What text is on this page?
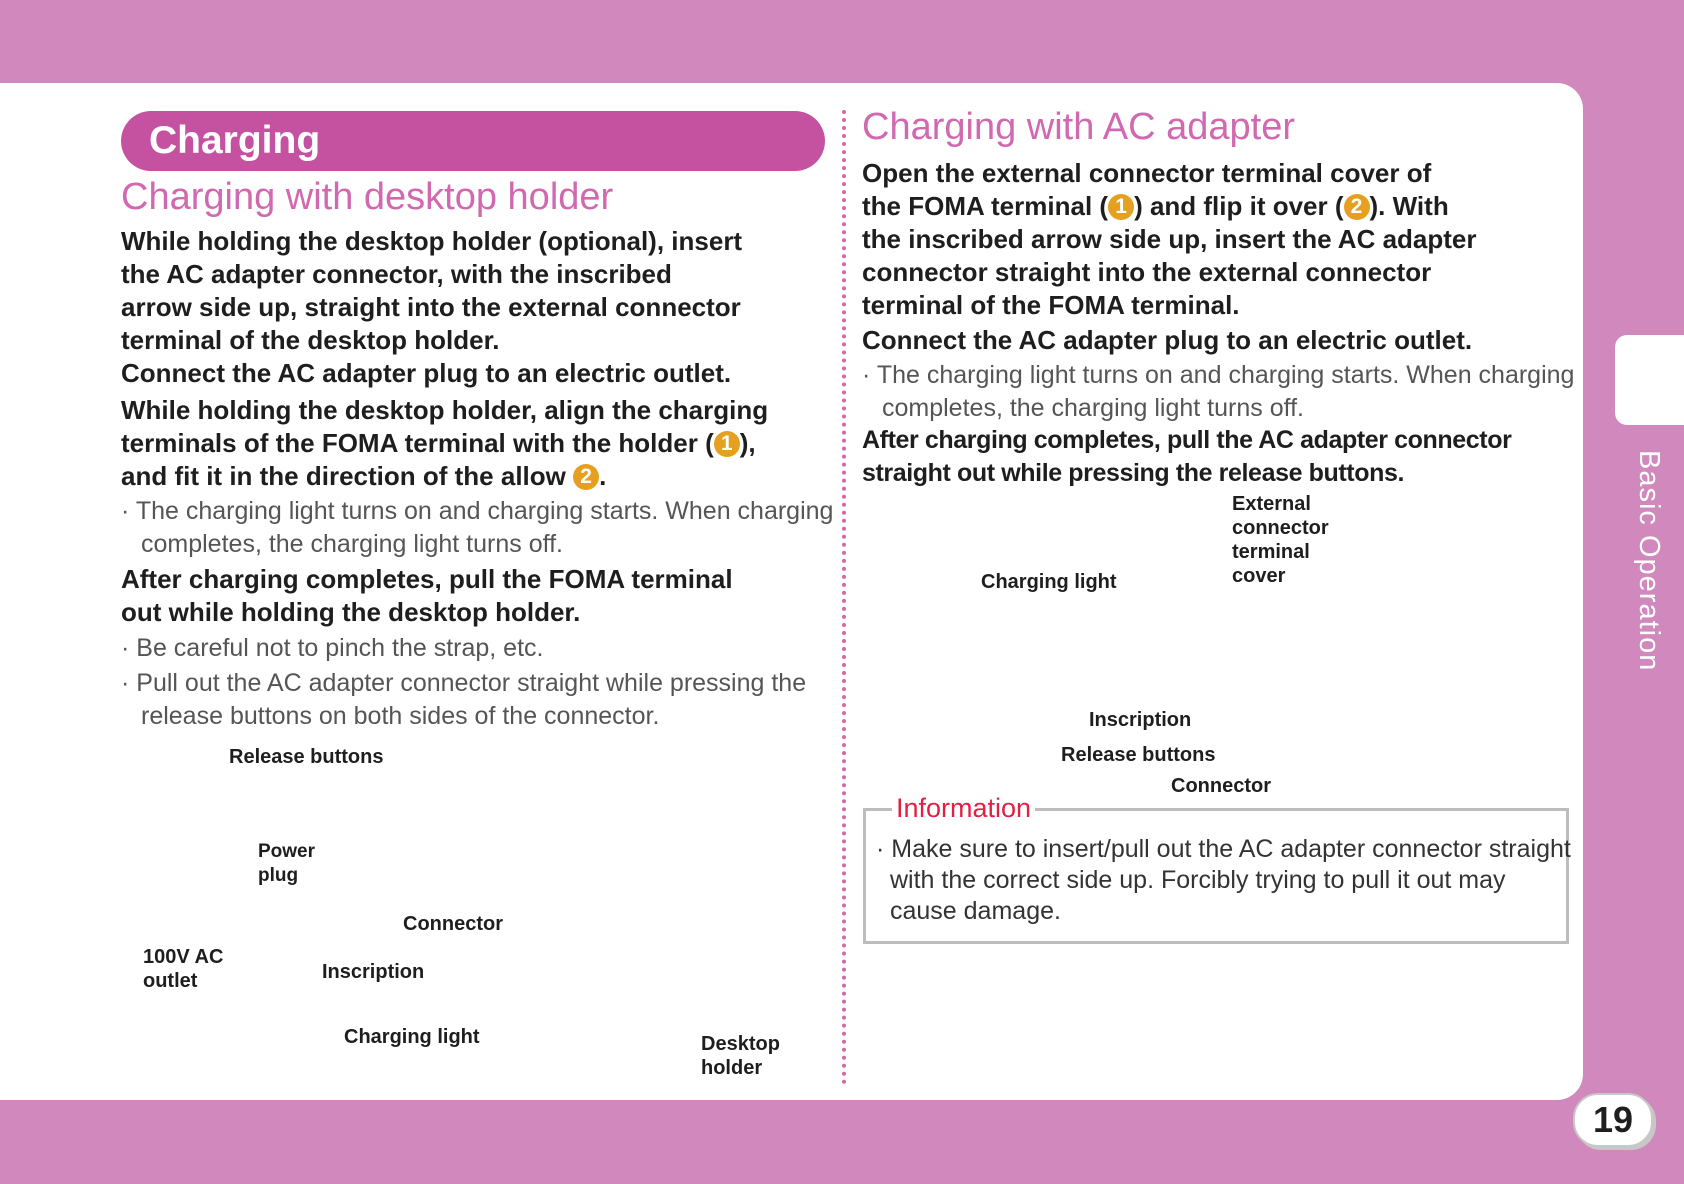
Basic Operation
19
Charging
Charging with desktop holder
While holding the desktop holder (optional), insert
the AC adapter connector, with the inscribed
arrow side up, straight into the external connector
terminal of the desktop holder.
Connect the AC adapter plug to an electric outlet.
While holding the desktop holder, align the charging
terminals of the FOMA terminal with the holder ( 1 ),
and fit it in the direction of the allow 2 .
· The charging light turns on and charging starts. When charging completes, the charging light turns off.
After charging completes, pull the FOMA terminal
out while holding the desktop holder.
· Be careful not to pinch the strap, etc.
· Pull out the AC adapter connector straight while pressing the release buttons on both sides of the connector.
Release buttons
Power
plug
Connector
100V AC
outlet	Inscription
Charging light	Desktop
holder
Charging with AC adapter
Open the external connector terminal cover of
the FOMA terminal ( 1 ) and flip it over ( 2 ). With
the inscribed arrow side up, insert the AC adapter
connector straight into the external connector
terminal of the FOMA terminal.
Connect the AC adapter plug to an electric outlet.
· The charging light turns on and charging starts. When charging completes, the charging light turns off.
After charging completes, pull the AC adapter connector
straight out while pressing the release buttons.
External
connector
terminal
cover
Charging light
Inscription
Release buttons
Connector
Information
· Make sure to insert/pull out the AC adapter connector straight with the correct side up. Forcibly trying to pull it out may cause damage.
